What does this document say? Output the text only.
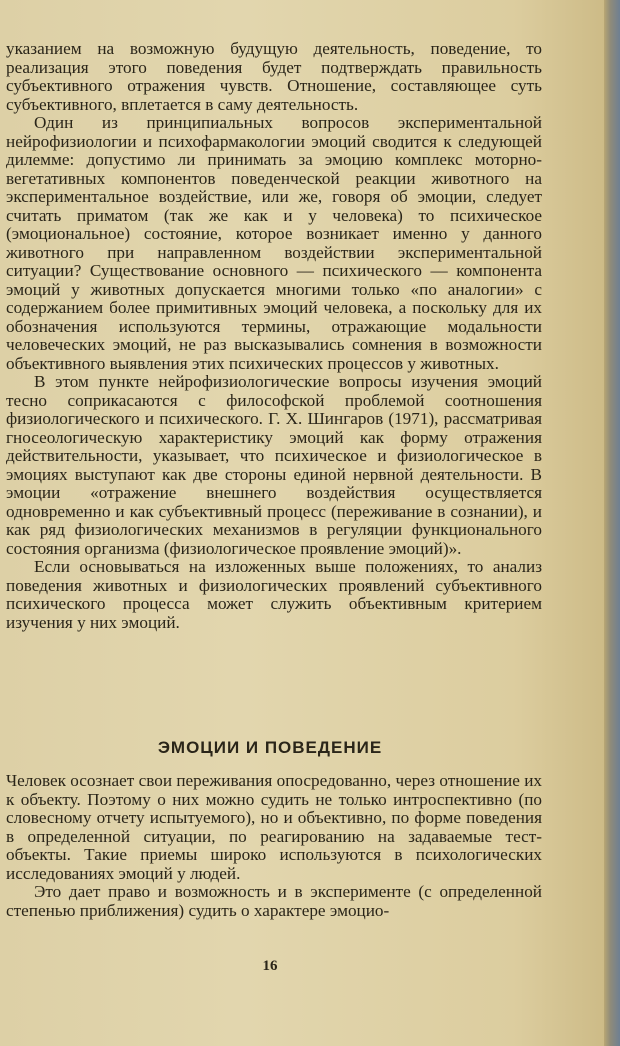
указанием на возможную будущую деятельность, поведение, то реализация этого поведения будет подтверждать правильность субъективного отражения чувств. Отношение, составляющее суть субъективного, вплетается в саму деятельность.

Один из принципиальных вопросов экспериментальной нейрофизиологии и психофармакологии эмоций сводится к следующей дилемме: допустимо ли принимать за эмоцию комплекс моторно-вегетативных компонентов поведенческой реакции животного на экспериментальное воздействие, или же, говоря об эмоции, следует считать приматом (так же как и у человека) то психическое (эмоциональное) состояние, которое возникает именно у данного животного при направленном воздействии экспериментальной ситуации? Существование основного — психического — компонента эмоций у животных допускается многими только «по аналогии» с содержанием более примитивных эмоций человека, а поскольку для их обозначения используются термины, отражающие модальности человеческих эмоций, не раз высказывались сомнения в возможности объективного выявления этих психических процессов у животных.

В этом пункте нейрофизиологические вопросы изучения эмоций тесно соприкасаются с философской проблемой соотношения физиологического и психического. Г. Х. Шингаров (1971), рассматривая гносеологическую характеристику эмоций как форму отражения действительности, указывает, что психическое и физиологическое в эмоциях выступают как две стороны единой нервной деятельности. В эмоции «отражение внешнего воздействия осуществляется одновременно и как субъективный процесс (переживание в сознании), и как ряд физиологических механизмов в регуляции функционального состояния организма (физиологическое проявление эмоций)».

Если основываться на изложенных выше положениях, то анализ поведения животных и физиологических проявлений субъективного психического процесса может служить объективным критерием изучения у них эмоций.

ЭМОЦИИ И ПОВЕДЕНИЕ

Человек осознает свои переживания опосредованно, через отношение их к объекту. Поэтому о них можно судить не только интроспективно (по словесному отчету испытуемого), но и объективно, по форме поведения в определенной ситуации, по реагированию на задаваемые тест-объекты. Такие приемы широко используются в психологических исследованиях эмоций у людей.

Это дает право и возможность и в эксперименте (с определенной степенью приближения) судить о характере эмоцио-

16
